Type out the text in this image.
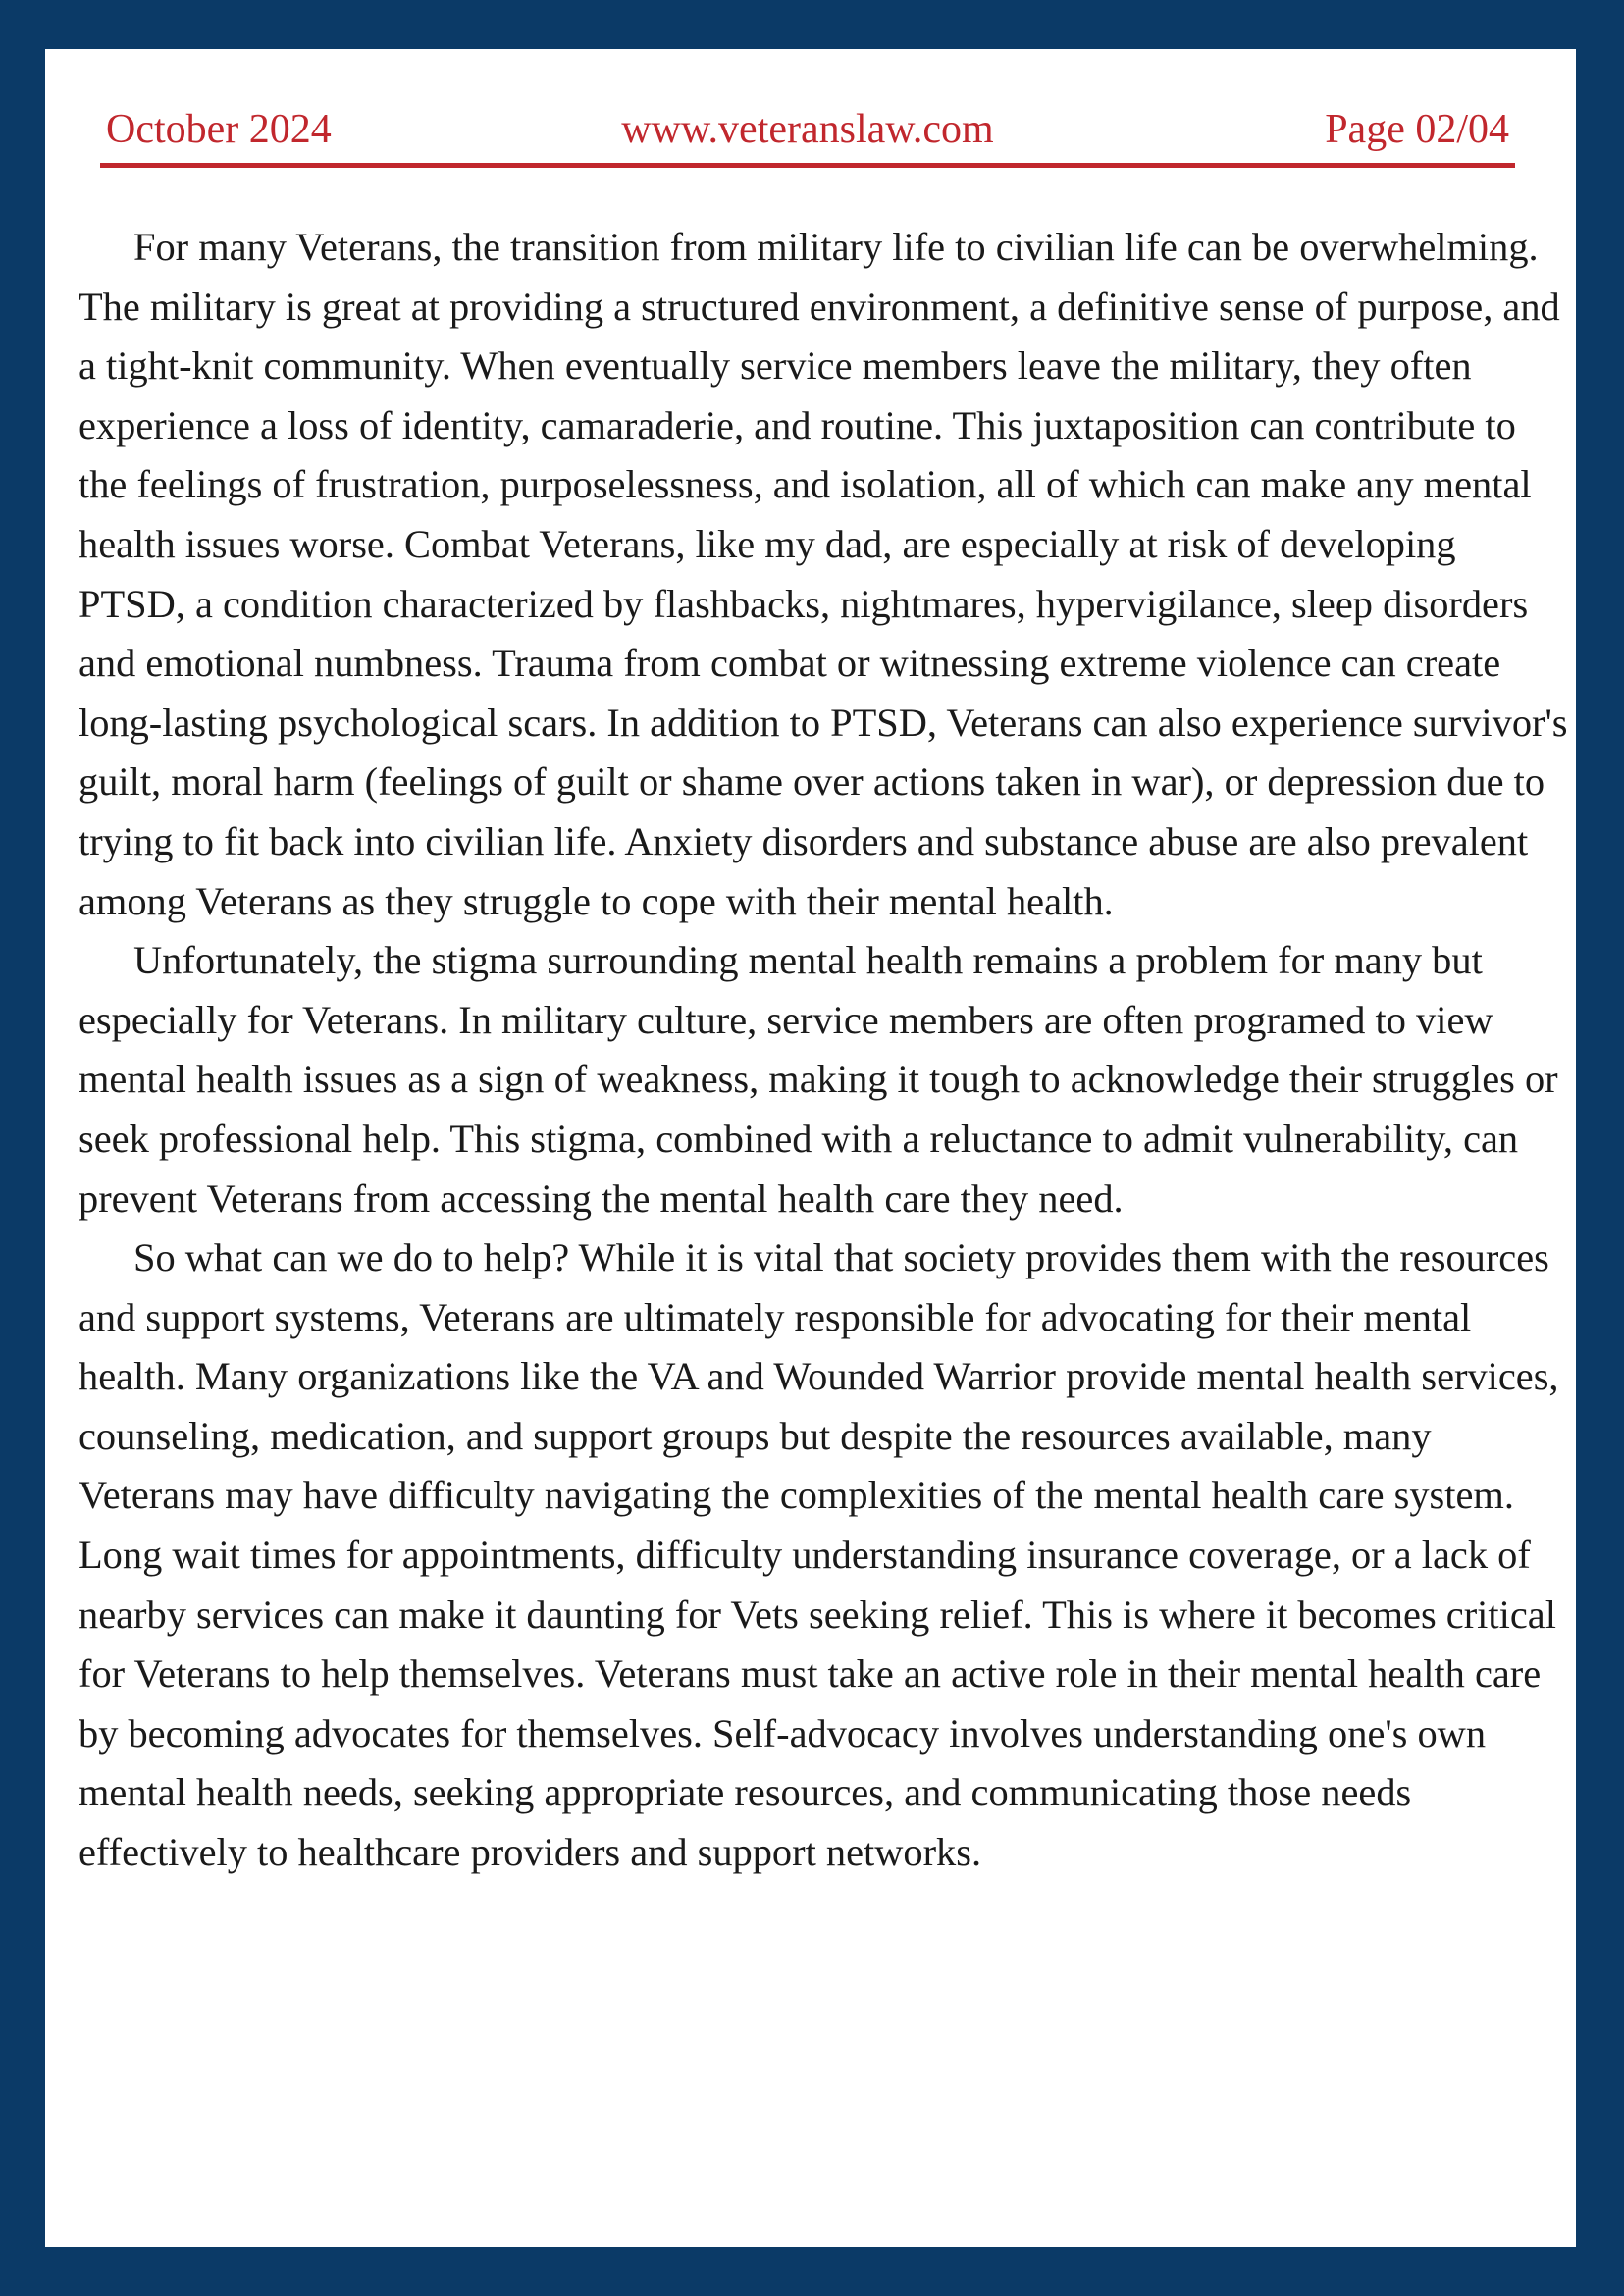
October 2024	www.veteranslaw.com	Page 02/04

For many Veterans, the transition from military life to civilian life can be overwhelming. The military is great at providing a structured environment, a definitive sense of purpose, and a tight-knit community. When eventually service members leave the military, they often experience a loss of identity, camaraderie, and routine. This juxtaposition can contribute to the feelings of frustration, purposelessness, and isolation, all of which can make any mental health issues worse. Combat Veterans, like my dad, are especially at risk of developing PTSD, a condition characterized by flashbacks, nightmares, hypervigilance, sleep disorders and emotional numbness. Trauma from combat or witnessing extreme violence can create long-lasting psychological scars. In addition to PTSD, Veterans can also experience survivor's guilt, moral harm (feelings of guilt or shame over actions taken in war), or depression due to trying to fit back into civilian life. Anxiety disorders and substance abuse are also prevalent among Veterans as they struggle to cope with their mental health.

Unfortunately, the stigma surrounding mental health remains a problem for many but especially for Veterans. In military culture, service members are often programed to view mental health issues as a sign of weakness, making it tough to acknowledge their struggles or seek professional help. This stigma, combined with a reluctance to admit vulnerability, can prevent Veterans from accessing the mental health care they need.

So what can we do to help? While it is vital that society provides them with the resources and support systems, Veterans are ultimately responsible for advocating for their mental health. Many organizations like the VA and Wounded Warrior provide mental health services, counseling, medication, and support groups but despite the resources available, many Veterans may have difficulty navigating the complexities of the mental health care system. Long wait times for appointments, difficulty understanding insurance coverage, or a lack of nearby services can make it daunting for Vets seeking relief. This is where it becomes critical for Veterans to help themselves. Veterans must take an active role in their mental health care by becoming advocates for themselves. Self-advocacy involves understanding one's own mental health needs, seeking appropriate resources, and communicating those needs effectively to healthcare providers and support networks.
